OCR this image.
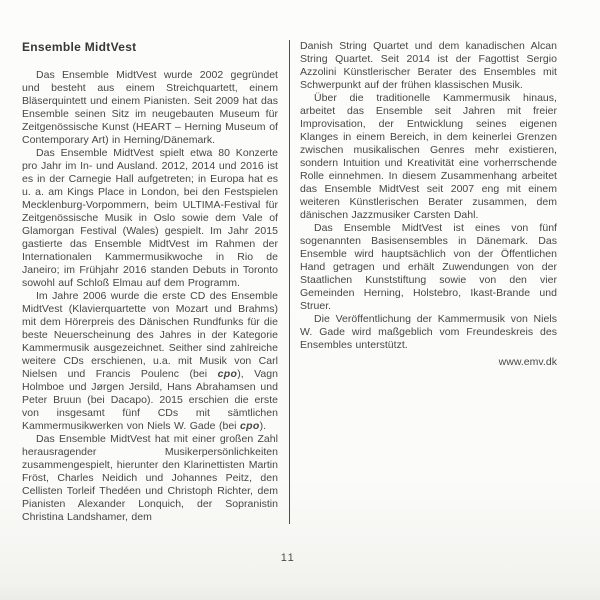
Ensemble MidtVest

Das Ensemble MidtVest wurde 2002 gegründet und besteht aus einem Streichquartett, einem Bläserquintett und einem Pianisten. Seit 2009 hat das Ensemble seinen Sitz im neugebauten Museum für Zeitgenössische Kunst (HEART – Herning Museum of Contemporary Art) in Herning/Dänemark.

Das Ensemble MidtVest spielt etwa 80 Konzerte pro Jahr im In- und Ausland. 2012, 2014 und 2016 ist es in der Carnegie Hall aufgetreten; in Europa hat es u. a. am Kings Place in London, bei den Festspielen Mecklenburg-Vorpommern, beim ULTIMA-Festival für Zeitgenössische Musik in Oslo sowie dem Vale of Glamorgan Festival (Wales) gespielt. Im Jahr 2015 gastierte das Ensemble MidtVest im Rahmen der Internationalen Kammermusikwoche in Rio de Janeiro; im Frühjahr 2016 standen Debuts in Toronto sowohl auf Schloß Elmau auf dem Programm.

Im Jahre 2006 wurde die erste CD des Ensemble MidtVest (Klavierquartette von Mozart und Brahms) mit dem Hörerpreis des Dänischen Rundfunks für die beste Neuerscheinung des Jahres in der Kategorie Kammermusik ausgezeichnet. Seither sind zahlreiche weitere CDs erschienen, u.a. mit Musik von Carl Nielsen und Francis Poulenc (bei cpo), Vagn Holmboe und Jørgen Jersild, Hans Abrahamsen und Peter Bruun (bei Dacapo). 2015 erschien die erste von insgesamt fünf CDs mit sämtlichen Kammermusikwerken von Niels W. Gade (bei cpo).

Das Ensemble MidtVest hat mit einer großen Zahl herausragender Musikerpersönlichkeiten zusammengespielt, hierunter den Klarinettisten Martin Fröst, Charles Neidich und Johannes Peitz, den Cellisten Torleif Thedéen und Christoph Richter, dem Pianisten Alexander Lonquich, der Sopranistin Christina Landshamer, dem

Danish String Quartet und dem kanadischen Alcan String Quartet. Seit 2014 ist der Fagottist Sergio Azzolini Künstlerischer Berater des Ensembles mit Schwerpunkt auf der frühen klassischen Musik.

Über die traditionelle Kammermusik hinaus, arbeitet das Ensemble seit Jahren mit freier Improvisation, der Entwicklung seines eigenen Klanges in einem Bereich, in dem keinerlei Grenzen zwischen musikalischen Genres mehr existieren, sondern Intuition und Kreativität eine vorherrschende Rolle einnehmen. In diesem Zusammenhang arbeitet das Ensemble MidtVest seit 2007 eng mit einem weiteren Künstlerischen Berater zusammen, dem dänischen Jazzmusiker Carsten Dahl.

Das Ensemble MidtVest ist eines von fünf sogenannten Basisensembles in Dänemark. Das Ensemble wird hauptsächlich von der Öffentlichen Hand getragen und erhält Zuwendungen von der Staatlichen Kunststiftung sowie von den vier Gemeinden Herning, Holstebro, Ikast-Brande und Struer.

Die Veröffentlichung der Kammermusik von Niels W. Gade wird maßgeblich vom Freundeskreis des Ensembles unterstützt.

www.emv.dk

11
